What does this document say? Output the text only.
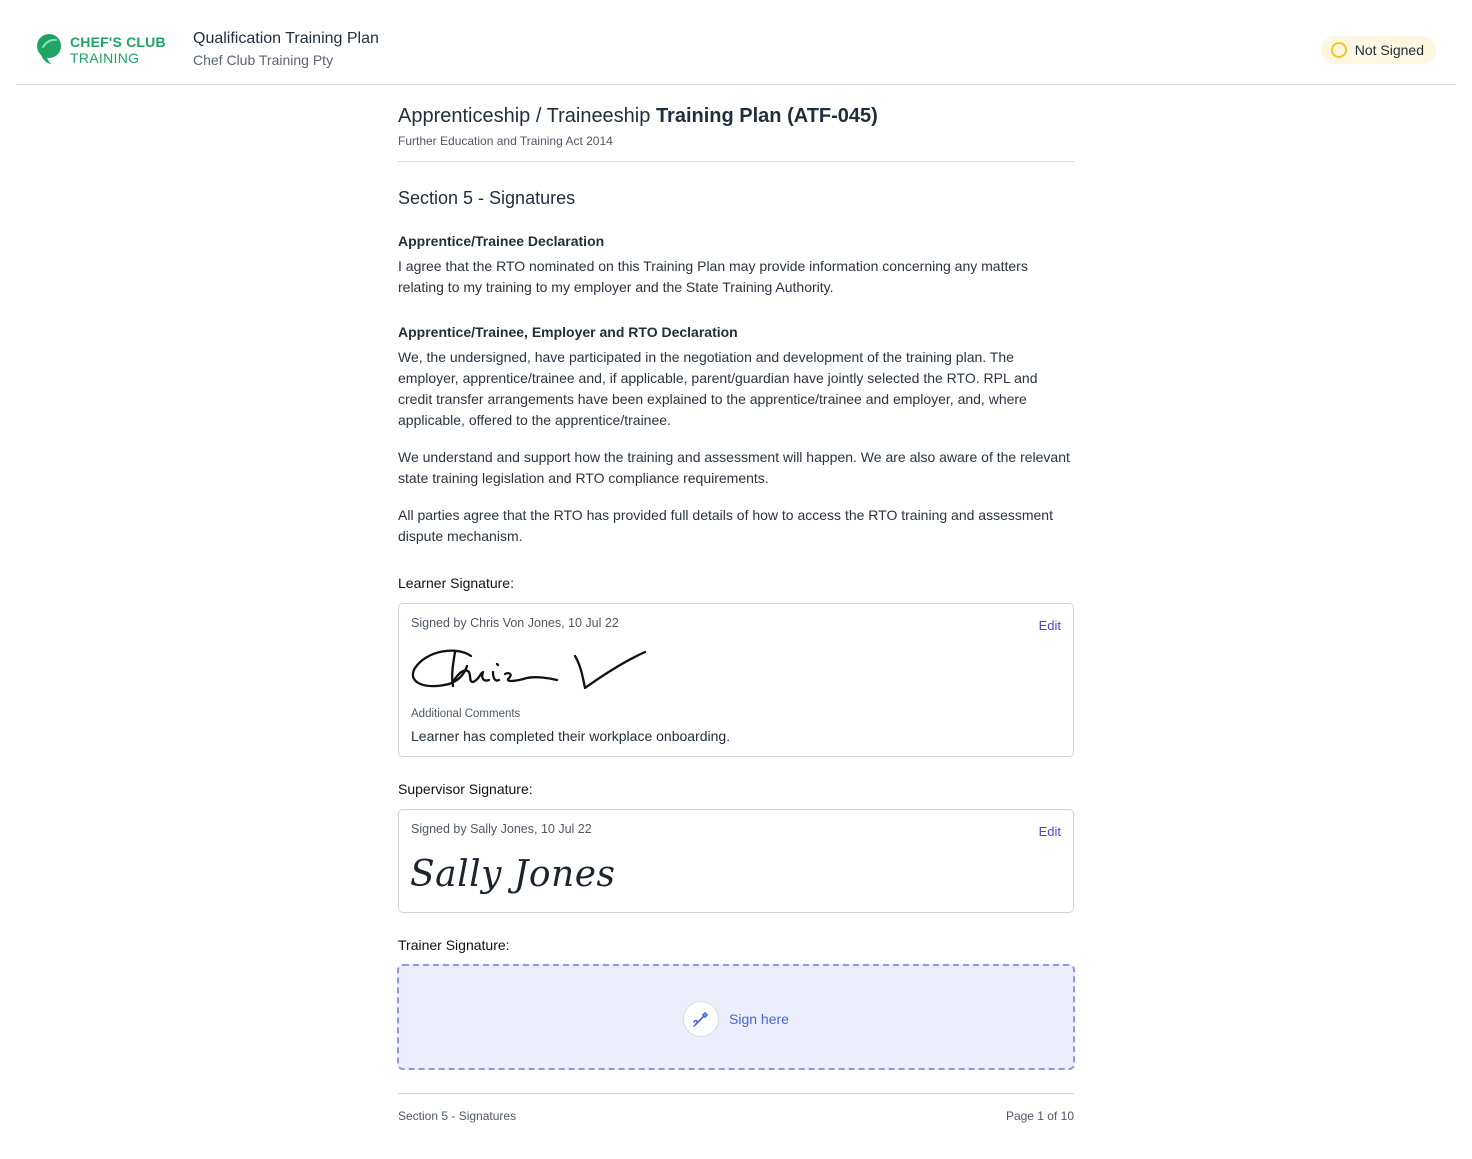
CHEF'S CLUB
TRAINING
Qualification Training Plan
Chef Club Training Pty
Not Signed
Apprenticeship / Traineeship Training Plan (ATF-045)
Further Education and Training Act 2014
Section 5 - Signatures
Apprentice/Trainee Declaration

I agree that the RTO nominated on this Training Plan may provide information concerning any matters relating to my training to my employer and the State Training Authority.

Apprentice/Trainee, Employer and RTO Declaration

We, the undersigned, have participated in the negotiation and development of the training plan. The employer, apprentice/trainee and, if applicable, parent/guardian have jointly selected the RTO. RPL and credit transfer arrangements have been explained to the apprentice/trainee and employer, and, where applicable, offered to the apprentice/trainee.

We understand and support how the training and assessment will happen. We are also aware of the relevant state training legislation and RTO compliance requirements.

All parties agree that the RTO has provided full details of how to access the RTO training and assessment dispute mechanism.

Learner Signature:
Signed by Chris Von Jones, 10 Jul 22	Edit
Additional Comments
Learner has completed their workplace onboarding.
Supervisor Signature:
Signed by Sally Jones, 10 Jul 22	Edit
Sally Jones
Trainer Signature:
Sign here
Section 5 - Signatures	Page 1 of 10
